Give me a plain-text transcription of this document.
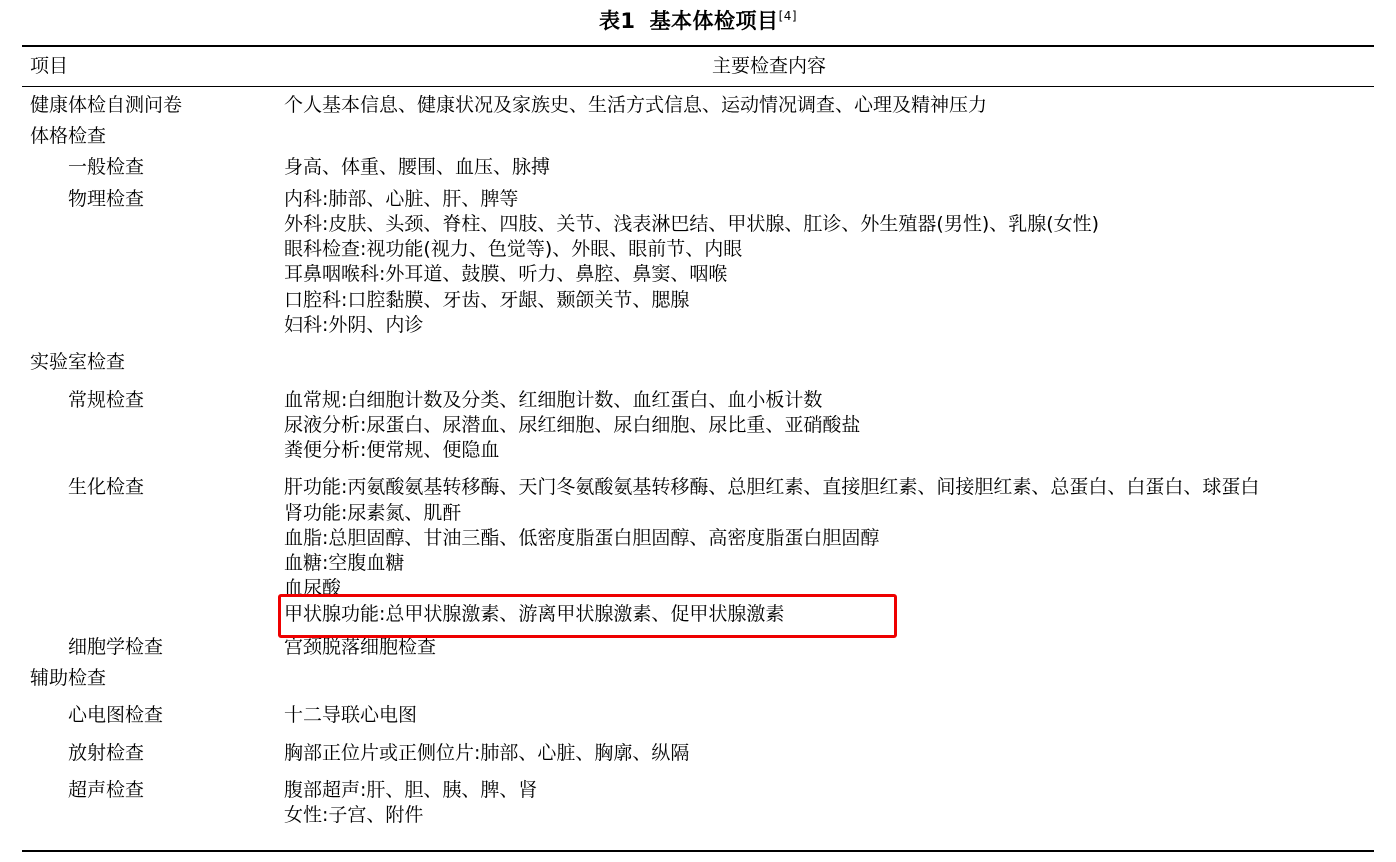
表1 基本体检项目[4]
项目	主要检查内容
健康体检自测问卷	个人基本信息、健康状况及家族史、生活方式信息、运动情况调查、心理及精神压力
体格检查
一般检查	身高、体重、腰围、血压、脉搏
物理检查	内科:肺部、心脏、肝、脾等
外科:皮肤、头颈、脊柱、四肢、关节、浅表淋巴结、甲状腺、肛诊、外生殖器(男性)、乳腺(女性)
眼科检查:视功能(视力、色觉等)、外眼、眼前节、内眼
耳鼻咽喉科:外耳道、鼓膜、听力、鼻腔、鼻窦、咽喉
口腔科:口腔黏膜、牙齿、牙龈、颞颌关节、腮腺
妇科:外阴、内诊
实验室检查
常规检查	血常规:白细胞计数及分类、红细胞计数、血红蛋白、血小板计数
尿液分析:尿蛋白、尿潜血、尿红细胞、尿白细胞、尿比重、亚硝酸盐
粪便分析:便常规、便隐血
生化检查	肝功能:丙氨酸氨基转移酶、天门冬氨酸氨基转移酶、总胆红素、直接胆红素、间接胆红素、总蛋白、白蛋白、球蛋白
肾功能:尿素氮、肌酐
血脂:总胆固醇、甘油三酯、低密度脂蛋白胆固醇、高密度脂蛋白胆固醇
血糖:空腹血糖
血尿酸
甲状腺功能:总甲状腺激素、游离甲状腺激素、促甲状腺激素
细胞学检查	宫颈脱落细胞检查
辅助检查
心电图检查	十二导联心电图
放射检查	胸部正位片或正侧位片:肺部、心脏、胸廓、纵隔
超声检查	腹部超声:肝、胆、胰、脾、肾
女性:子宫、附件
